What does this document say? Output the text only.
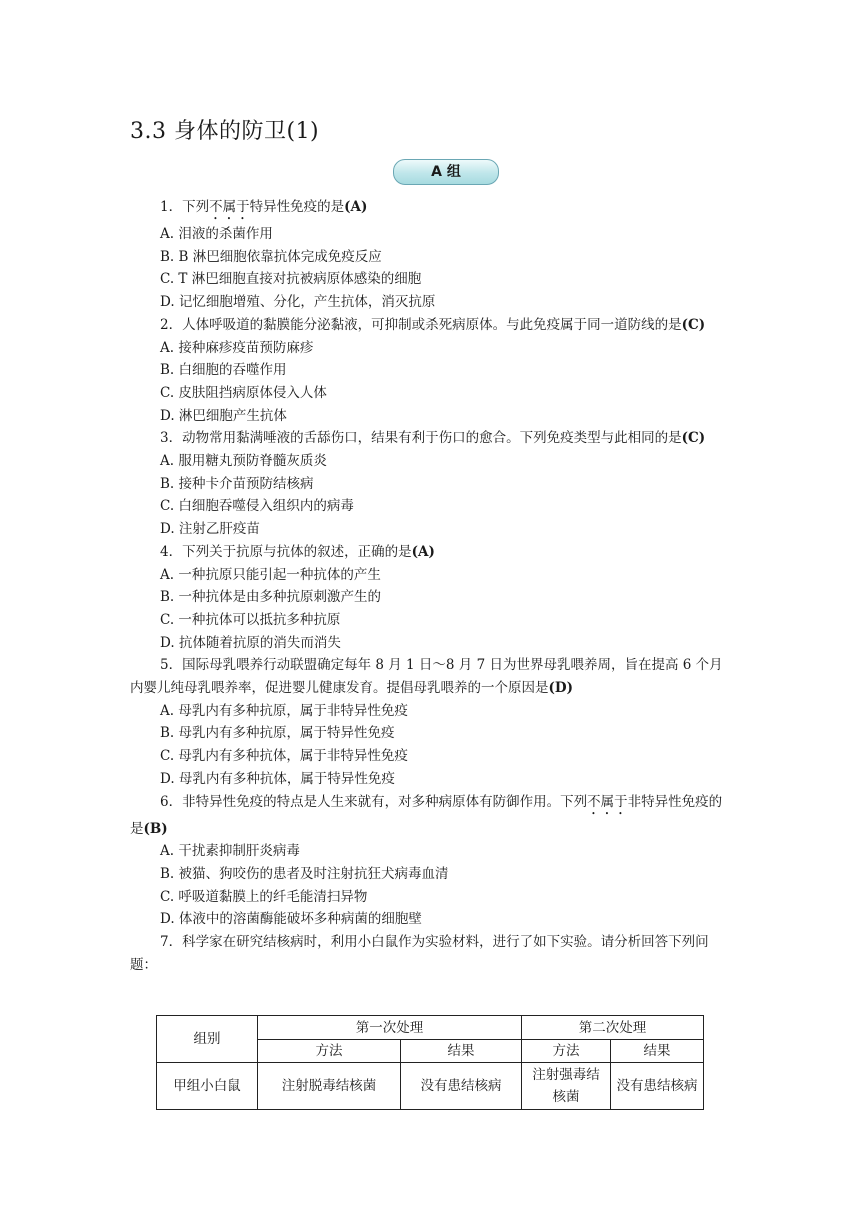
3.3 身体的防卫(1)
A 组
1．下列不属于特异性免疫的是(A)
A. 泪液的杀菌作用
B. B 淋巴细胞依靠抗体完成免疫反应
C. T 淋巴细胞直接对抗被病原体感染的细胞
D. 记忆细胞增殖、分化，产生抗体，消灭抗原
2．人体呼吸道的黏膜能分泌黏液，可抑制或杀死病原体。与此免疫属于同一道防线的是(C)
A. 接种麻疹疫苗预防麻疹
B. 白细胞的吞噬作用
C. 皮肤阻挡病原体侵入人体
D. 淋巴细胞产生抗体
3．动物常用黏满唾液的舌舔伤口，结果有利于伤口的愈合。下列免疫类型与此相同的是(C)
A. 服用糖丸预防脊髓灰质炎
B. 接种卡介苗预防结核病
C. 白细胞吞噬侵入组织内的病毒
D. 注射乙肝疫苗
4．下列关于抗原与抗体的叙述，正确的是(A)
A. 一种抗原只能引起一种抗体的产生
B. 一种抗体是由多种抗原刺激产生的
C. 一种抗体可以抵抗多种抗原
D. 抗体随着抗原的消失而消失
5．国际母乳喂养行动联盟确定每年 8 月 1 日～8 月 7 日为世界母乳喂养周，旨在提高 6 个月内婴儿纯母乳喂养率，促进婴儿健康发育。提倡母乳喂养的一个原因是(D)
A. 母乳内有多种抗原，属于非特异性免疫
B. 母乳内有多种抗原，属于特异性免疫
C. 母乳内有多种抗体，属于非特异性免疫
D. 母乳内有多种抗体，属于特异性免疫
6．非特异性免疫的特点是人生来就有，对多种病原体有防御作用。下列不属于非特异性免疫的是(B)
A. 干扰素抑制肝炎病毒
B. 被猫、狗咬伤的患者及时注射抗狂犬病毒血清
C. 呼吸道黏膜上的纤毛能清扫异物
D. 体液中的溶菌酶能破坏多种病菌的细胞壁
7．科学家在研究结核病时，利用小白鼠作为实验材料，进行了如下实验。请分析回答下列问题：
组别	第一次处理		第二次处理	
	方法	结果	方法	结果
甲组小白鼠	注射脱毒结核菌	没有患结核病	注射强毒结核菌	没有患结核病
